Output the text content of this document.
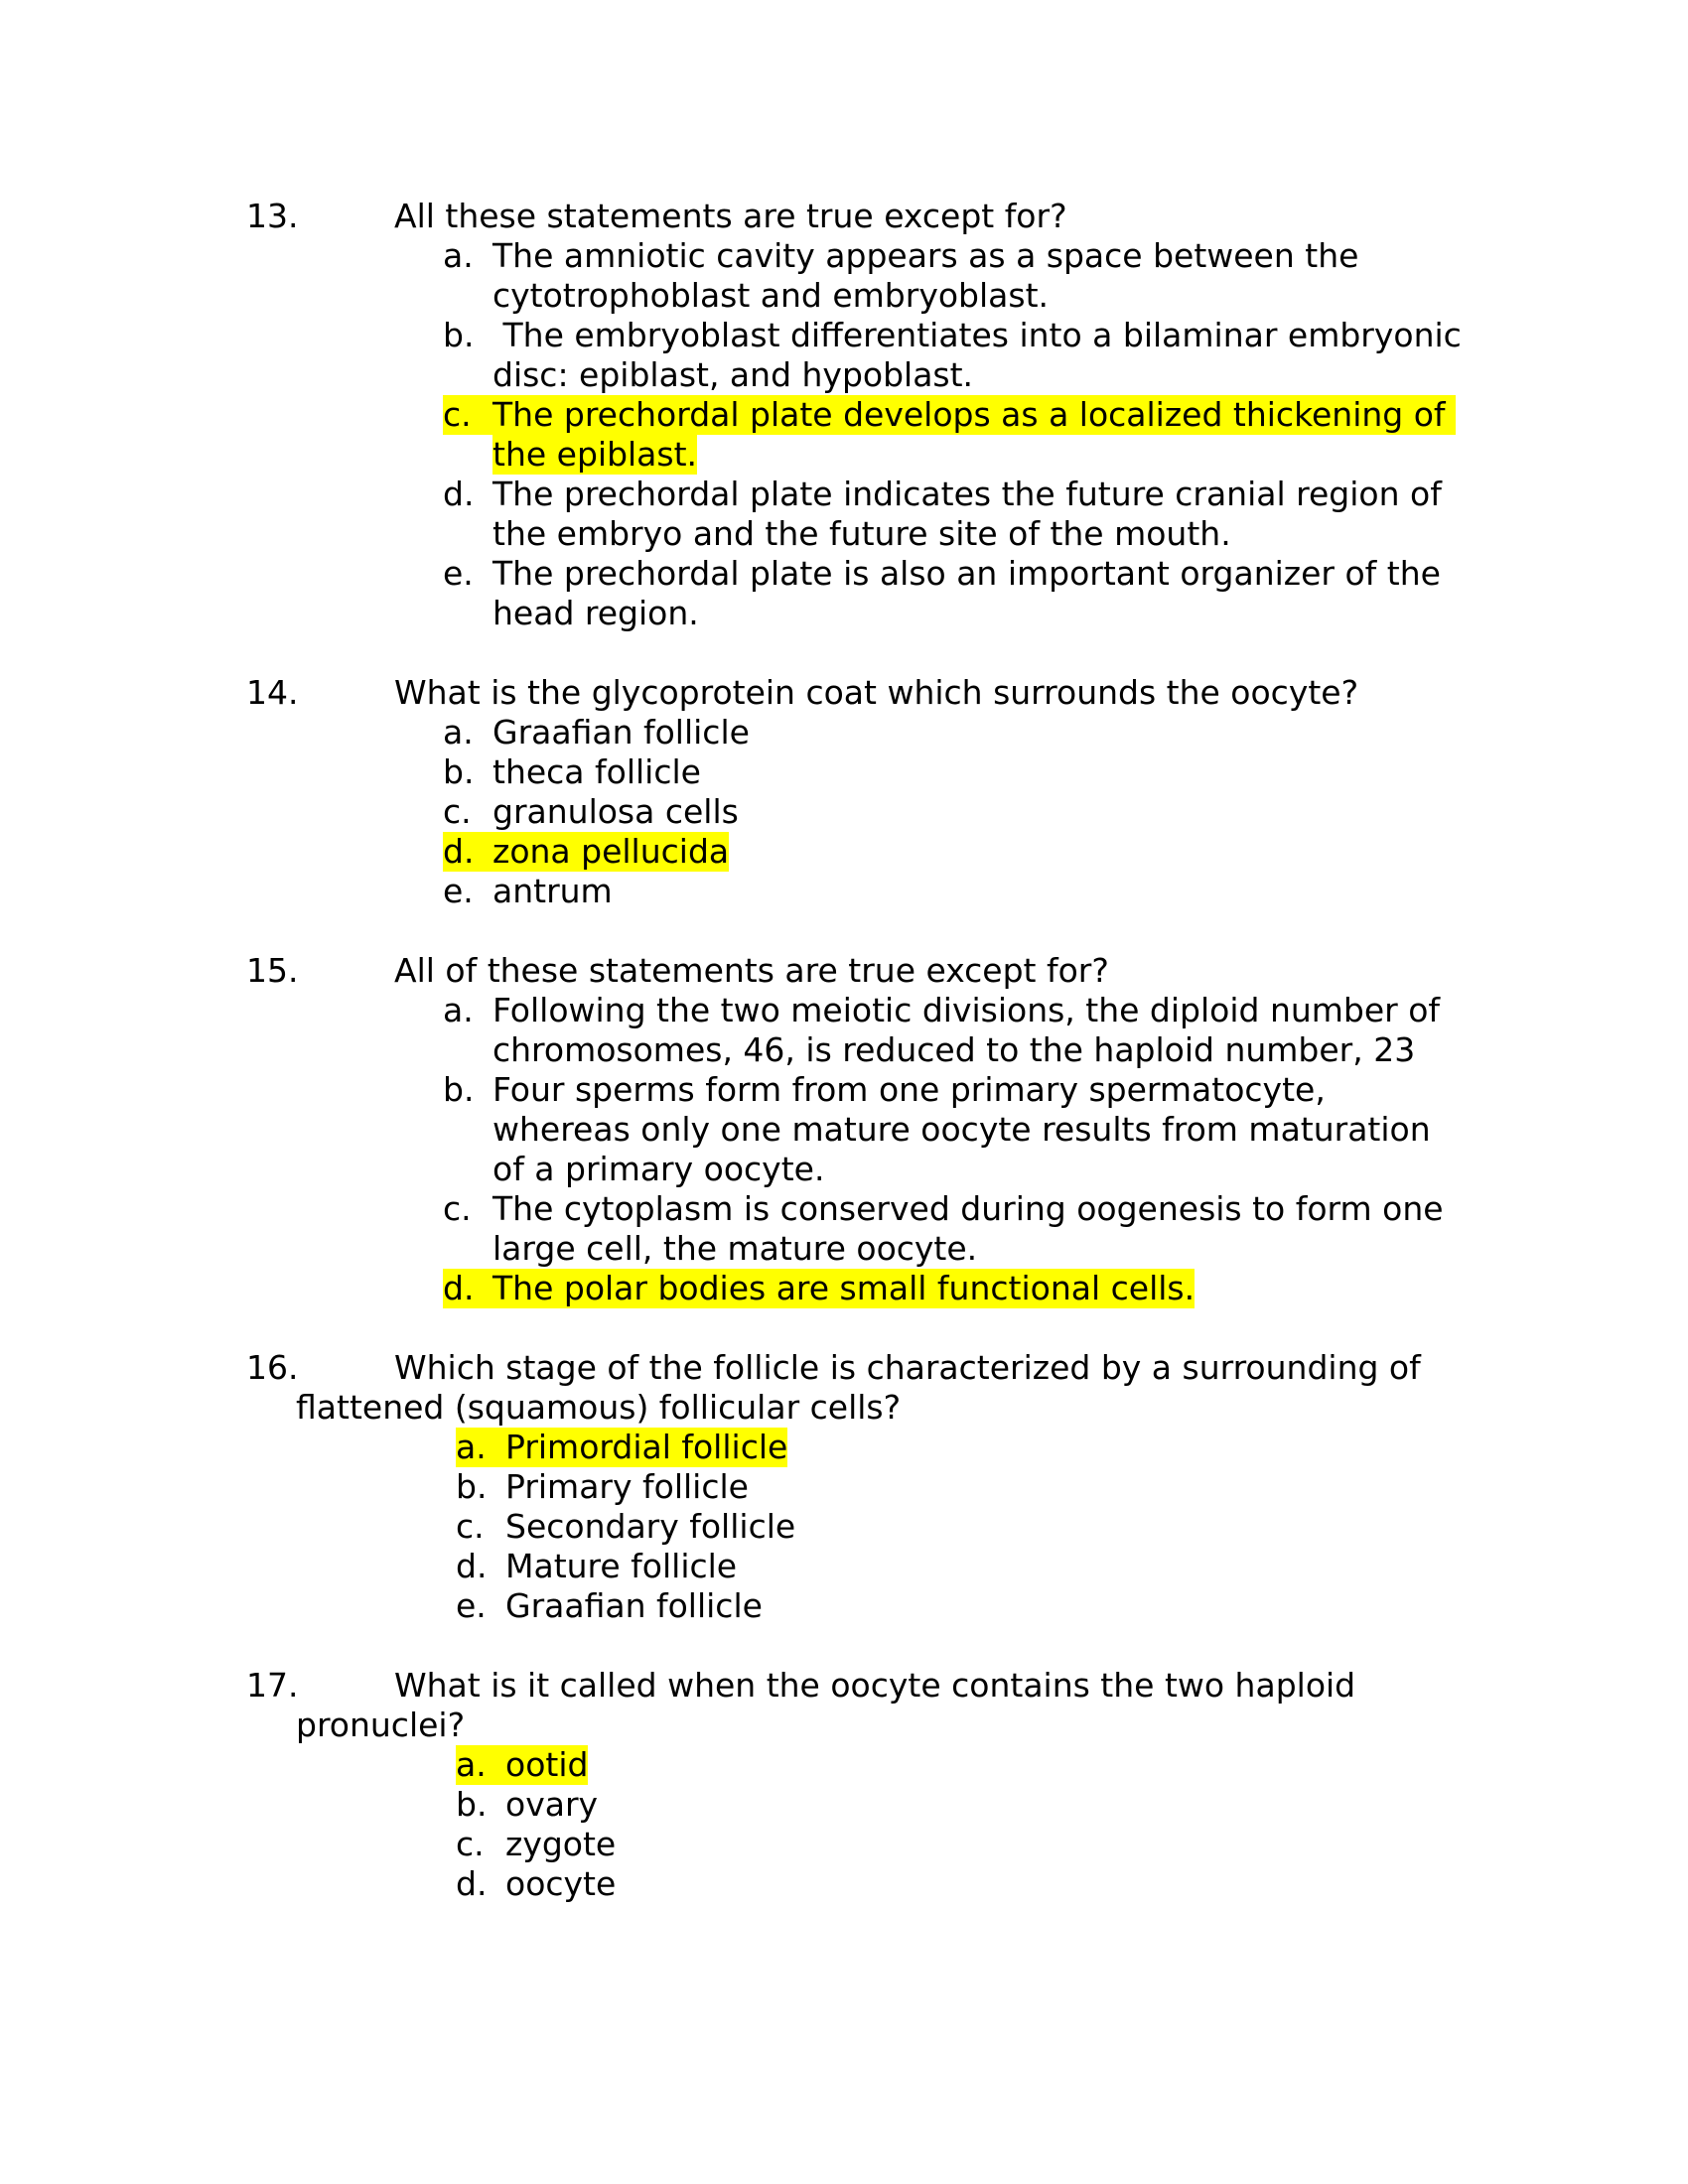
13.	All these statements are true except for?
a. The amniotic cavity appears as a space between the
cytotrophoblast and embryoblast.
b. The embryoblast differentiates into a bilaminar embryonic
disc: epiblast, and hypoblast.
c. The prechordal plate develops as a localized thickening of
the epiblast.
d. The prechordal plate indicates the future cranial region of
the embryo and the future site of the mouth.
e. The prechordal plate is also an important organizer of the
head region.
14.	What is the glycoprotein coat which surrounds the oocyte?
a. Graafian follicle
b. theca follicle
c. granulosa cells
d. zona pellucida
e. antrum
15.	All of these statements are true except for?
a. Following the two meiotic divisions, the diploid number of
chromosomes, 46, is reduced to the haploid number, 23
b. Four sperms form from one primary spermatocyte,
whereas only one mature oocyte results from maturation
of a primary oocyte.
c. The cytoplasm is conserved during oogenesis to form one
large cell, the mature oocyte.
d. The polar bodies are small functional cells.
16.	Which stage of the follicle is characterized by a surrounding of
flattened (squamous) follicular cells?
a. Primordial follicle
b. Primary follicle
c. Secondary follicle
d. Mature follicle
e. Graafian follicle
17.	What is it called when the oocyte contains the two haploid
pronuclei?
a. ootid
b. ovary
c. zygote
d. oocyte
